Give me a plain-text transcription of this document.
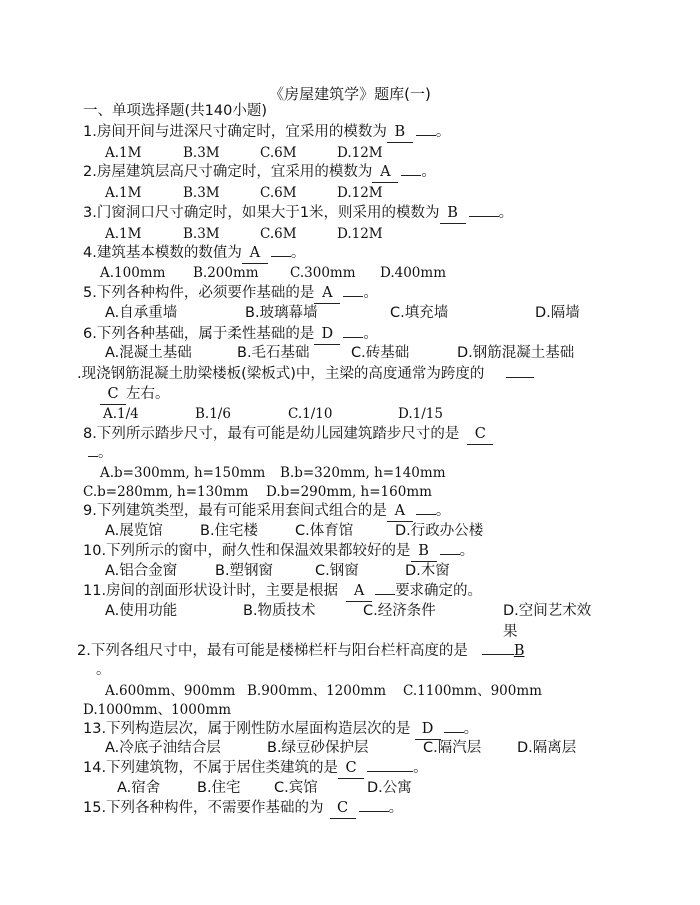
《房屋建筑学》题库(一)
一、单项选择题(共140小题)
1.房间开间与进深尺寸确定时，宜采用的模数为 B 。
A.1M	B.3M	C.6M	D.12M
2.房屋建筑层高尺寸确定时，宜采用的模数为 A 。
A.1M	B.3M	C.6M	D.12M
3.门窗洞口尺寸确定时，如果大于1米，则采用的模数为 B	。
A.1M	B.3M	C.6M	D.12M
4.建筑基本模数的数值为 A 。
A.100mm B.200mm C.300mm D.400mm
5.下列各种构件，必须要作基础的是 A 。
A.自承重墙	B.玻璃幕墙	C.填充墙	D.隔墙
6.下列各种基础，属于柔性基础的是 D 。
A.混凝土基础	B.毛石基础	C.砖基础	D.钢筋混凝土基础
.现浇钢筋混凝土肋梁楼板(梁板式)中，主梁的高度通常为跨度的
C 左右。
A.1/4	B.1/6	C.1/10	D.1/15
8.下列所示踏步尺寸，最有可能是幼儿园建筑踏步尺寸的是 C
。
A.b=300mm, h=150mm B.b=320mm, h=140mm
C.b=280mm, h=130mm D.b=290mm, h=160mm
9.下列建筑类型，最有可能采用套间式组合的是 A 。
A.展览馆	B.住宅楼	C.体育馆	D.行政办公楼
10.下列所示的窗中，耐久性和保温效果都较好的是 B 。
A.铝合金窗	B.塑钢窗	C.钢窗	D.木窗
11.房间的剖面形状设计时，主要是根据 A 要求确定的。
A.使用功能	B.物质技术	C.经济条件	D.空间艺术效果
2.下列各组尺寸中，最有可能是楼梯栏杆与阳台栏杆高度的是	B
。
A.600mm、900mm B.900mm、1200mm C.1100mm、900mm
D.1000mm、1000mm
13.下列构造层次，属于刚性防水屋面构造层次的是 D 。
A.冷底子油结合层	B.绿豆砂保护层	C.隔汽层 D.隔离层
14.下列建筑物，不属于居住类建筑的是 C	。
A.宿舍	B.住宅 C.宾馆	D.公寓
15.下列各种构件，不需要作基础的为 C	。
